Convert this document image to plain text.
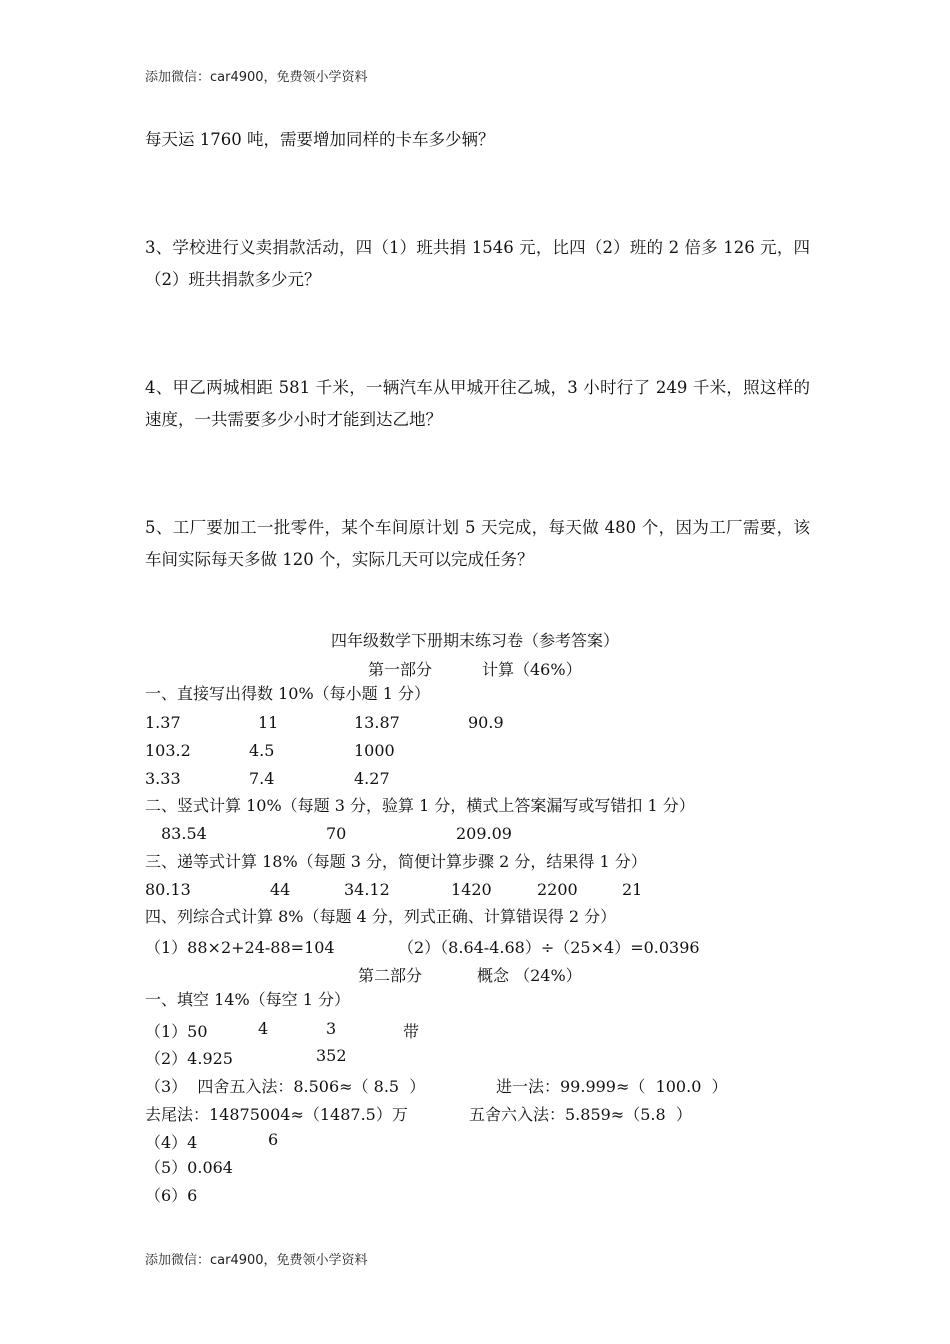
添加微信：car4900，免费领小学资料
每天运 1760 吨，需要增加同样的卡车多少辆？
3、学校进行义卖捐款活动，四（1）班共捐 1546 元，比四（2）班的 2 倍多 126 元，四（2）班共捐款多少元？
4、甲乙两城相距 581 千米，一辆汽车从甲城开往乙城，3 小时行了 249 千米，照这样的速度，一共需要多少小时才能到达乙地？
5、工厂要加工一批零件，某个车间原计划 5 天完成，每天做 480 个，因为工厂需要，该车间实际每天多做 120 个，实际几天可以完成任务？
四年级数学下册期末练习卷（参考答案）
第一部分	计算（46%）
一、直接写出得数 10%（每小题 1 分）
1.37	11	13.87	90.9
103.2	4.5	1000
3.33	7.4	4.27
二、竖式计算 10%（每题 3 分，验算 1 分，横式上答案漏写或写错扣 1 分）
83.54	70	209.09
三、递等式计算 18%（每题 3 分，简便计算步骤 2 分，结果得 1 分）
80.13	44	34.12	1420	2200	21
四、列综合式计算 8%（每题 4 分，列式正确、计算错误得 2 分）
（1）88×2+24-88=104	（2）（8.64-4.68）÷（25×4）=0.0396
第二部分	概念 （24%）
一、填空 14%（每空 1 分）
（1）50	4	3	带
（2）4.925	352
（3）  四舍五入法：8.506≈（ 8.5  ）	进一法：99.999≈（  100.0  ）
去尾法：14875004≈（1487.5）万	五舍六入法：5.859≈（5.8  ）
（4）4	6
（5）0.064
（6）6
添加微信：car4900，免费领小学资料
